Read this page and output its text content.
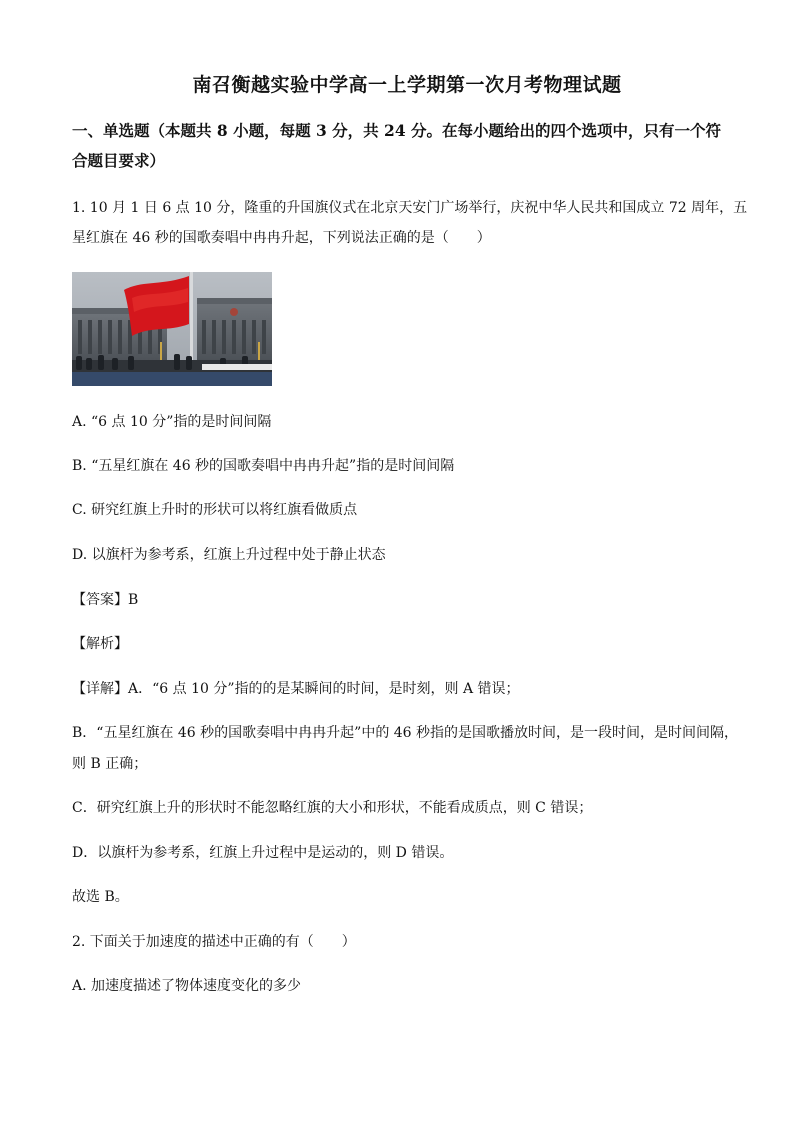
南召衡越实验中学高一上学期第一次月考物理试题
一、单选题（本题共 8 小题，每题 3 分，共 24 分。在每小题给出的四个选项中，只有一个符
合题目要求）
1. 10 月 1 日 6 点 10 分，隆重的升国旗仪式在北京天安门广场举行，庆祝中华人民共和国成立 72 周年，五
星红旗在 46 秒的国歌奏唱中冉冉升起，下列说法正确的是（　　）
A. “6 点 10 分”指的是时间间隔
B. “五星红旗在 46 秒的国歌奏唱中冉冉升起”指的是时间间隔
C. 研究红旗上升时的形状可以将红旗看做质点
D. 以旗杆为参考系，红旗上升过程中处于静止状态
【答案】B
【解析】
【详解】A．“6 点 10 分”指的的是某瞬间的时间，是时刻，则 A 错误；
B．“五星红旗在 46 秒的国歌奏唱中冉冉升起”中的 46 秒指的是国歌播放时间，是一段时间，是时间间隔，
则 B 正确；
C．研究红旗上升的形状时不能忽略红旗的大小和形状，不能看成质点，则 C 错误；
D．以旗杆为参考系，红旗上升过程中是运动的，则 D 错误。
故选 B。
2. 下面关于加速度的描述中正确的有（　　）
A. 加速度描述了物体速度变化的多少
